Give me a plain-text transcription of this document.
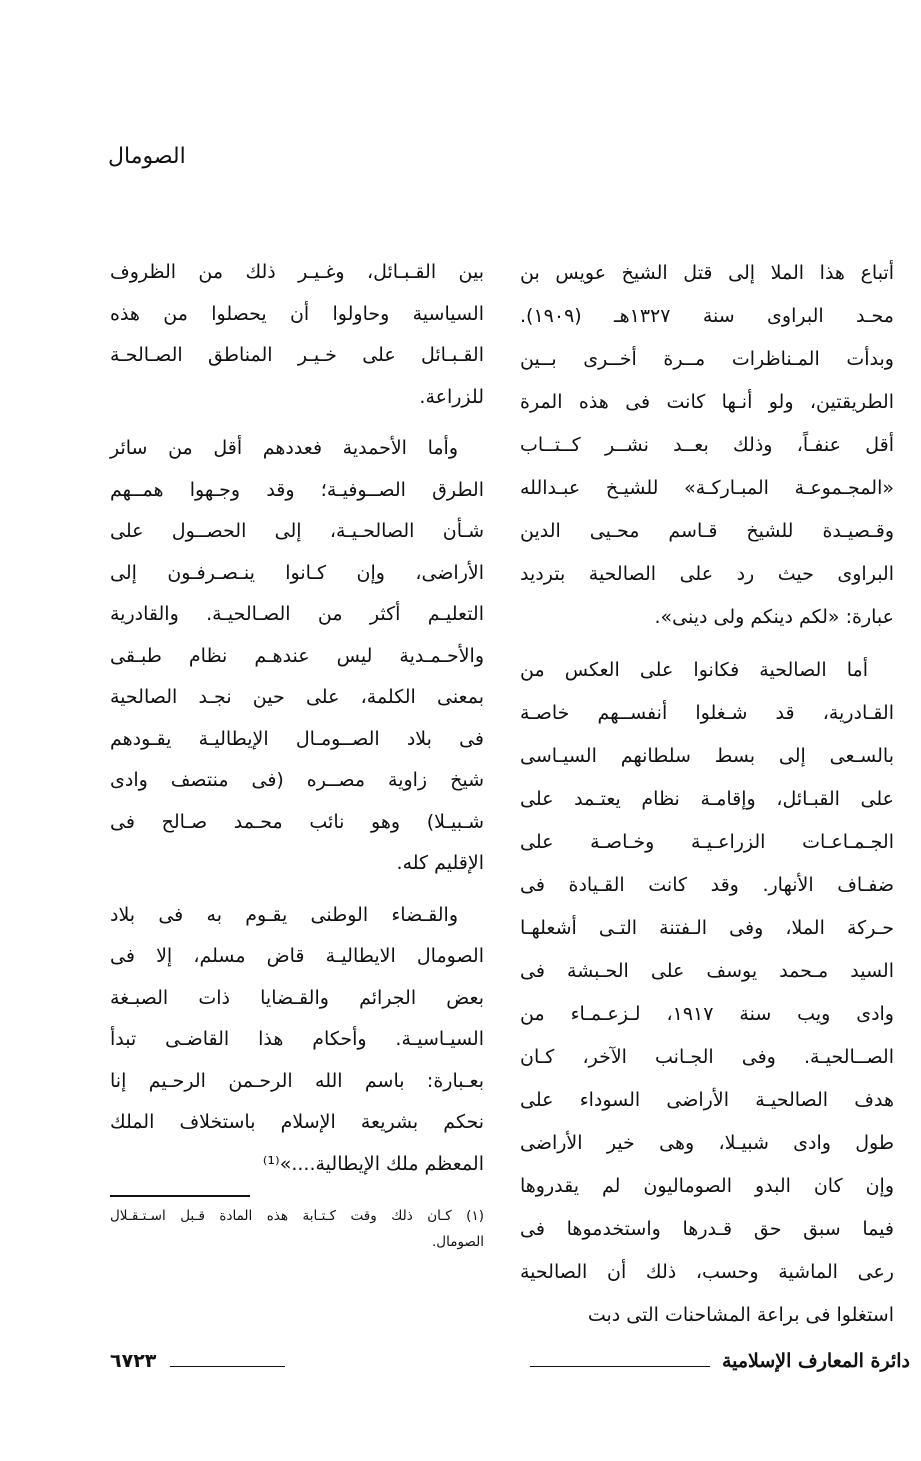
الصومال
أتباع هذا الملا إلى قتل الشيخ عويس بن
محـد البراوى سنة ١٣٢٧هـ (١٩٠٩).
وبدأت المـناظرات مــرة أخــرى بــين
الطريقتين، ولو أنـها كانت فى هذه المرة
أقل عنفـاً، وذلك بعــد نشــر كــتــاب
«المجـموعـة المبـاركـة» للشيـخ عبـدالله
وقـصيـدة للشيخ قـاسم محـيى الدين
البراوى حيث رد على الصالحية بترديد
عبارة: «لكم دينكم ولى دينى».
أما الصالحية فكانوا على العكس من
القـادرية، قد شـغلوا أنفســهم خاصـة
بالسـعى إلى بسط سلطانهم السيـاسى
على القبـائل، وإقامـة نظام يعتـمد على
الجـمـاعـات الزراعـيـة وخـاصـة على
ضفـاف الأنهار. وقد كانت القـيادة فى
حـركة الملا، وفى الـفتنة التـى أشعلهـا
السيد مـحمد يوسف على الحـبشة فى
وادى ويب سنة ١٩١٧، لـزعـمـاء من
الصــالحيـة. وفى الجـانب الآخر، كـان
هدف الصالحيـة الأراضى السوداء على
طول وادى شبيـلا، وهى خير الأراضى
وإن كان البدو الصوماليون لم يقدروها
فيما سبق حق قـدرها واستخدموها فى
رعى الماشية وحسب، ذلك أن الصالحية
استغلوا فى براعة المشاحنات التى دبت
بين القـبـائل، وغـيـر ذلك من الظروف
السياسية وحاولوا أن يحصلوا من هذه
القـبـائل على خـيـر المناطق الصـالحـة
للزراعة.
وأما الأحمدية فعددهم أقل من سائر
الطرق الصــوفيـة؛ وقد وجـهوا همــهم
شـأن الصالحـيـة، إلى الحصــول على
الأراضى، وإن كـانوا ينـصـرفـون إلى
التعليـم أكثر من الصـالحيـة. والقادرية
والأحـمـدية ليس عندهـم نظام طبـقى
بمعنى الكلمة، على حين نجـد الصالحية
فى بلاد الصــومـال الإيطاليـة يقـودهم
شيخ زاوية مصــره (فى منتصف وادى
شـبيـلا) وهو نائب محـمد صـالح فى
الإقليم كله.
والقـضاء الوطنى يقـوم به فى بلاد
الصومال الايطاليـة قاض مسلم، إلا فى
بعض الجرائم والقـضايا ذات الصبـغة
السيـاسيـة. وأحكام هذا القاضـى تبدأ
بعـبارة: باسم الله الرحـمن الرحـيم إنا
نحكم بشريعة الإسلام باستخلاف الملك
المعظم ملك الإيطالية....»⁽¹⁾
(١) كـان ذلك وقت كـتـابة هذه المادة قـبل اسـتـقـلال
الصومال.
دائرة المعارف الإسلامية
٦٧٢٣
